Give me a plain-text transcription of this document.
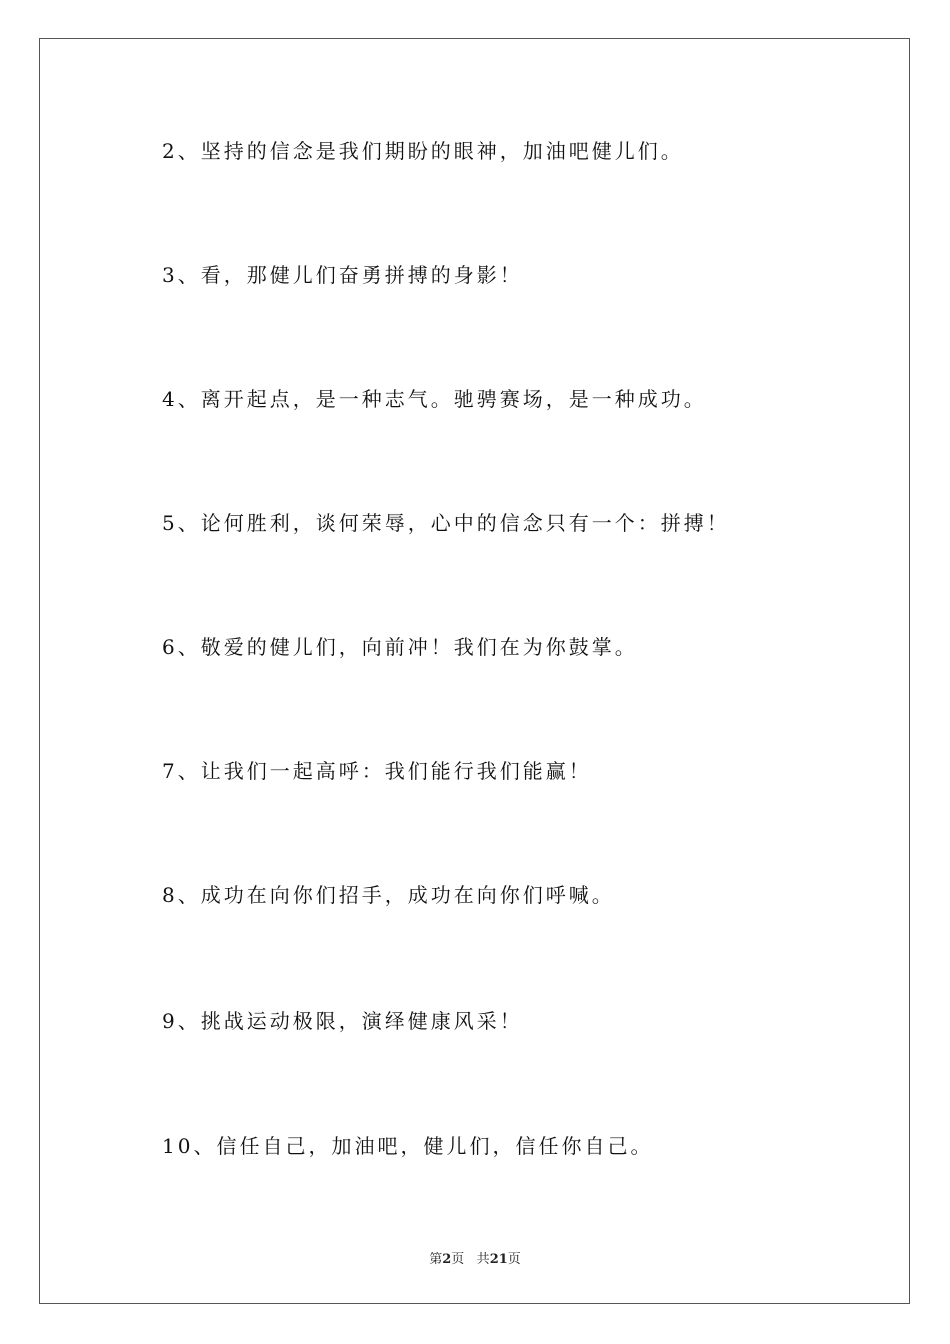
2、坚持的信念是我们期盼的眼神，加油吧健儿们。
3、看，那健儿们奋勇拼搏的身影！
4、离开起点，是一种志气。驰骋赛场，是一种成功。
5、论何胜利，谈何荣辱，心中的信念只有一个：拼搏！
6、敬爱的健儿们，向前冲！我们在为你鼓掌。
7、让我们一起高呼：我们能行我们能赢！
8、成功在向你们招手，成功在向你们呼喊。
9、挑战运动极限，演绎健康风采！
10、信任自己，加油吧，健儿们，信任你自己。
第2页 共21页
